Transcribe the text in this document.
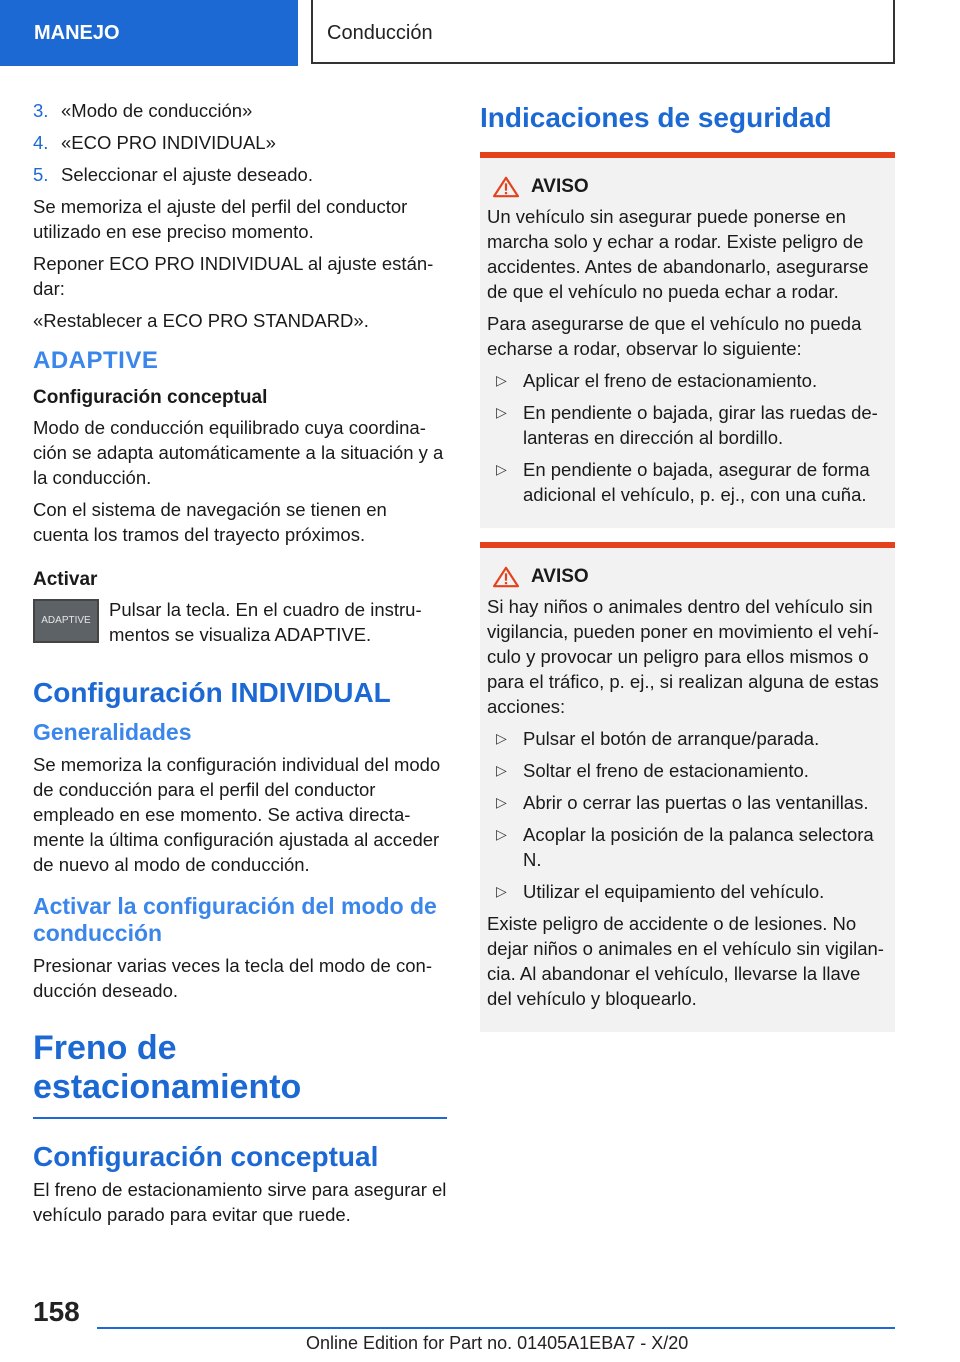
MANEJO	Conducción
3. «Modo de conducción»
4. «ECO PRO INDIVIDUAL»
5. Seleccionar el ajuste deseado.

Se memoriza el ajuste del perfil del conductor utilizado en ese preciso momento.

Reponer ECO PRO INDIVIDUAL al ajuste estándar:

«Restablecer a ECO PRO STANDARD».

ADAPTIVE
Configuración conceptual

Modo de conducción equilibrado cuya coordinación se adapta automáticamente a la situación y a la conducción.

Con el sistema de navegación se tienen en cuenta los tramos del trayecto próximos.

Activar
ADAPTIVE

Pulsar la tecla. En el cuadro de instrumentos se visualiza ADAPTIVE.

Configuración INDIVIDUAL
Generalidades

Se memoriza la configuración individual del modo de conducción para el perfil del conductor empleado en ese momento. Se activa directamente la última configuración ajustada al acceder de nuevo al modo de conducción.

Activar la configuración del modo de conducción

Presionar varias veces la tecla del modo de conducción deseado.

Freno de estacionamiento
Configuración conceptual

El freno de estacionamiento sirve para asegurar el vehículo parado para evitar que ruede.

Indicaciones de seguridad
AVISO

Un vehículo sin asegurar puede ponerse en marcha solo y echar a rodar. Existe peligro de accidentes. Antes de abandonarlo, asegurarse de que el vehículo no pueda echar a rodar.

Para asegurarse de que el vehículo no pueda echarse a rodar, observar lo siguiente:

▷ Aplicar el freno de estacionamiento.
▷ En pendiente o bajada, girar las ruedas delanteras en dirección al bordillo.
▷ En pendiente o bajada, asegurar de forma adicional el vehículo, p. ej., con una cuña.
AVISO

Si hay niños o animales dentro del vehículo sin vigilancia, pueden poner en movimiento el vehículo y provocar un peligro para ellos mismos o para el tráfico, p. ej., si realizan alguna de estas acciones:

▷ Pulsar el botón de arranque/parada.
▷ Soltar el freno de estacionamiento.
▷ Abrir o cerrar las puertas o las ventanillas.
▷ Acoplar la posición de la palanca selectora N.
▷ Utilizar el equipamiento del vehículo.

Existe peligro de accidente o de lesiones. No dejar niños o animales en el vehículo sin vigilancia. Al abandonar el vehículo, llevarse la llave del vehículo y bloquearlo.

158
Online Edition for Part no. 01405A1EBA7 - X/20
